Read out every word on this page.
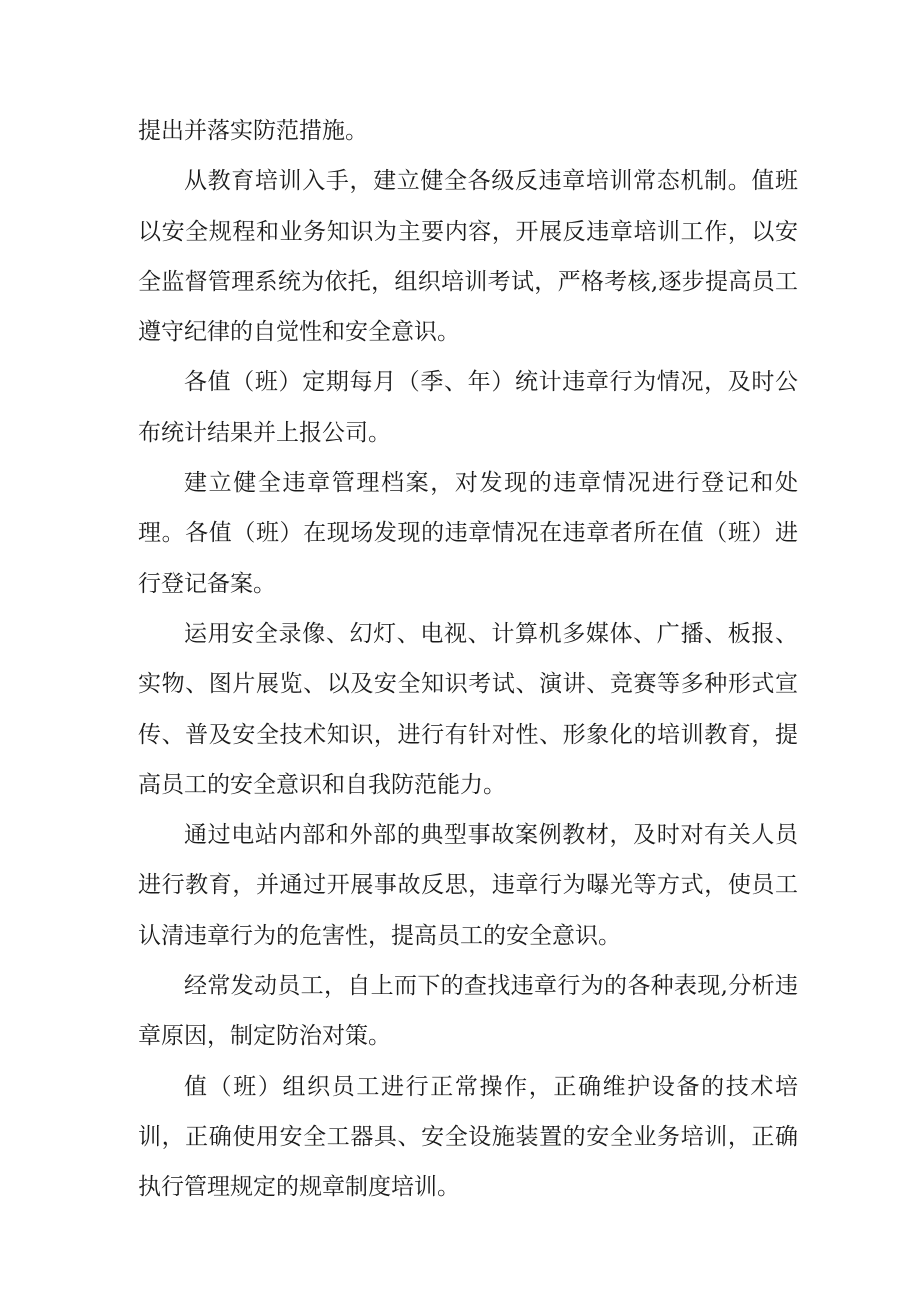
提出并落实防范措施。

从教育培训入手，建立健全各级反违章培训常态机制。值班以安全规程和业务知识为主要内容，开展反违章培训工作，以安全监督管理系统为依托，组织培训考试，严格考核,逐步提高员工遵守纪律的自觉性和安全意识。

各值（班）定期每月（季、年）统计违章行为情况，及时公布统计结果并上报公司。

建立健全违章管理档案，对发现的违章情况进行登记和处理。各值（班）在现场发现的违章情况在违章者所在值（班）进行登记备案。

运用安全录像、幻灯、电视、计算机多媒体、广播、板报、实物、图片展览、以及安全知识考试、演讲、竞赛等多种形式宣传、普及安全技术知识，进行有针对性、形象化的培训教育，提高员工的安全意识和自我防范能力。

通过电站内部和外部的典型事故案例教材，及时对有关人员进行教育，并通过开展事故反思，违章行为曝光等方式，使员工认清违章行为的危害性，提高员工的安全意识。

经常发动员工，自上而下的查找违章行为的各种表现,分析违章原因，制定防治对策。

值（班）组织员工进行正常操作，正确维护设备的技术培训，正确使用安全工器具、安全设施装置的安全业务培训，正确执行管理规定的规章制度培训。
